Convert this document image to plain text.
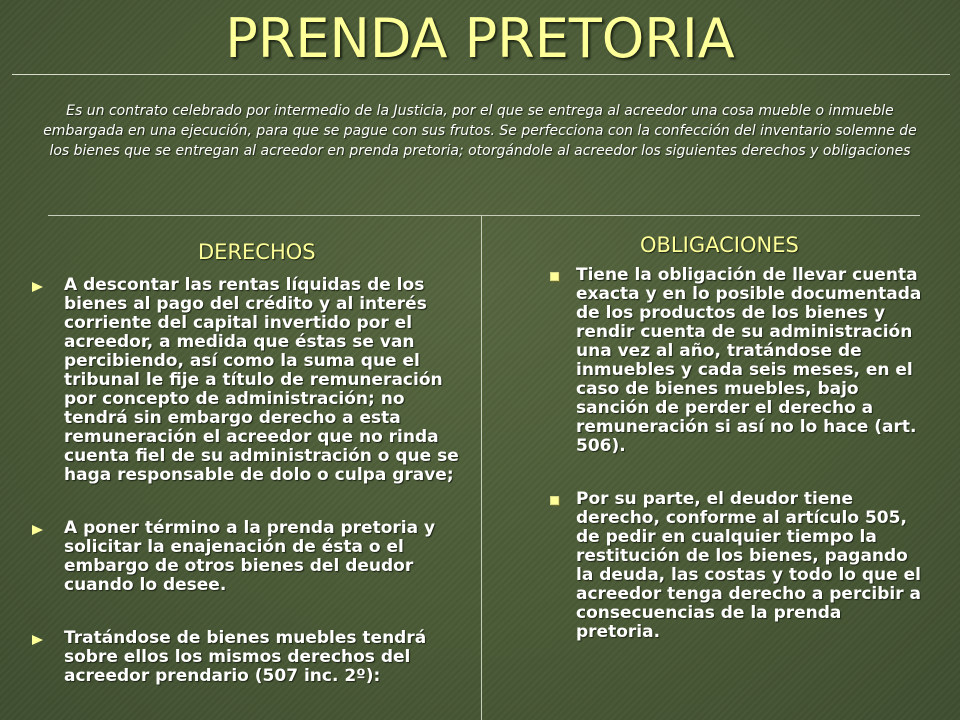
PRENDA PRETORIA
Es un contrato celebrado por intermedio de la Justicia, por el que se entrega al acreedor una cosa mueble o inmueble embargada en una ejecución, para que se pague con sus frutos. Se perfecciona con la confección del inventario solemne de los bienes que se entregan al acreedor en prenda pretoria; otorgándole al acreedor los siguientes derechos y obligaciones
DERECHOS
A descontar las rentas líquidas de los bienes al pago del crédito y al interés corriente del capital invertido por el acreedor, a medida que éstas se van percibiendo, así como la suma que el tribunal le fije a título de remuneración por concepto de administración; no tendrá sin embargo derecho a esta remuneración el acreedor que no rinda cuenta fiel de su administración o que se haga responsable de dolo o culpa grave;
A poner término a la prenda pretoria y solicitar la enajenación de ésta o el embargo de otros bienes del deudor cuando lo desee.
Tratándose de bienes muebles tendrá sobre ellos los mismos derechos del acreedor prendario (507 inc. 2º):
OBLIGACIONES
Tiene la obligación de llevar cuenta exacta y en lo posible documentada de los productos de los bienes y rendir cuenta de su administración una vez al año, tratándose de inmuebles y cada seis meses, en el caso de bienes muebles, bajo sanción de perder el derecho a remuneración si así no lo hace (art. 506).
Por su parte, el deudor tiene derecho, conforme al artículo 505, de pedir en cualquier tiempo la restitución de los bienes, pagando la deuda, las costas y todo lo que el acreedor tenga derecho a percibir a consecuencias de la prenda pretoria.
